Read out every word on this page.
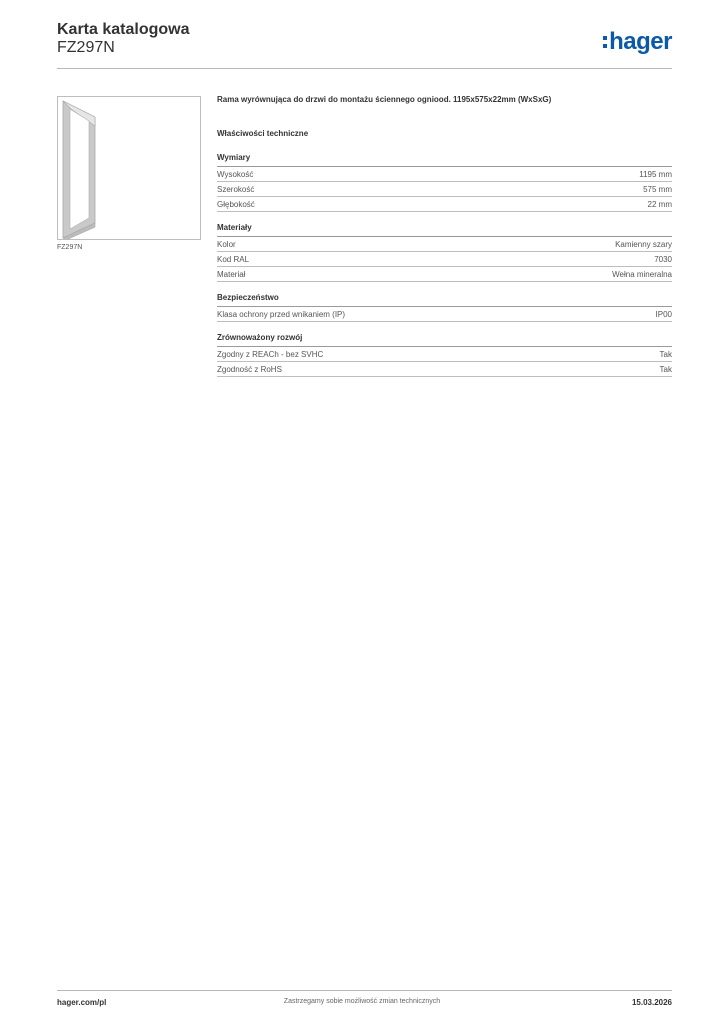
Karta katalogowa
FZ297N	hager
FZ297N
Rama wyrównująca do drzwi do montażu ściennego ogniood. 1195x575x22mm (WxSxG)
Właściwości techniczne
Wymiary
Wysokość	1195 mm
Szerokość	575 mm
Głębokość	22 mm
Materiały
Kolor	Kamienny szary
Kod RAL	7030
Materiał	Wełna mineralna
Bezpieczeństwo
Klasa ochrony przed wnikaniem (IP)	IP00
Zrównoważony rozwój
Zgodny z REACh - bez SVHC	Tak
Zgodność z RoHS	Tak
hager.com/pl	Zastrzegamy sobie możliwość zmian technicznych	15.03.2026
